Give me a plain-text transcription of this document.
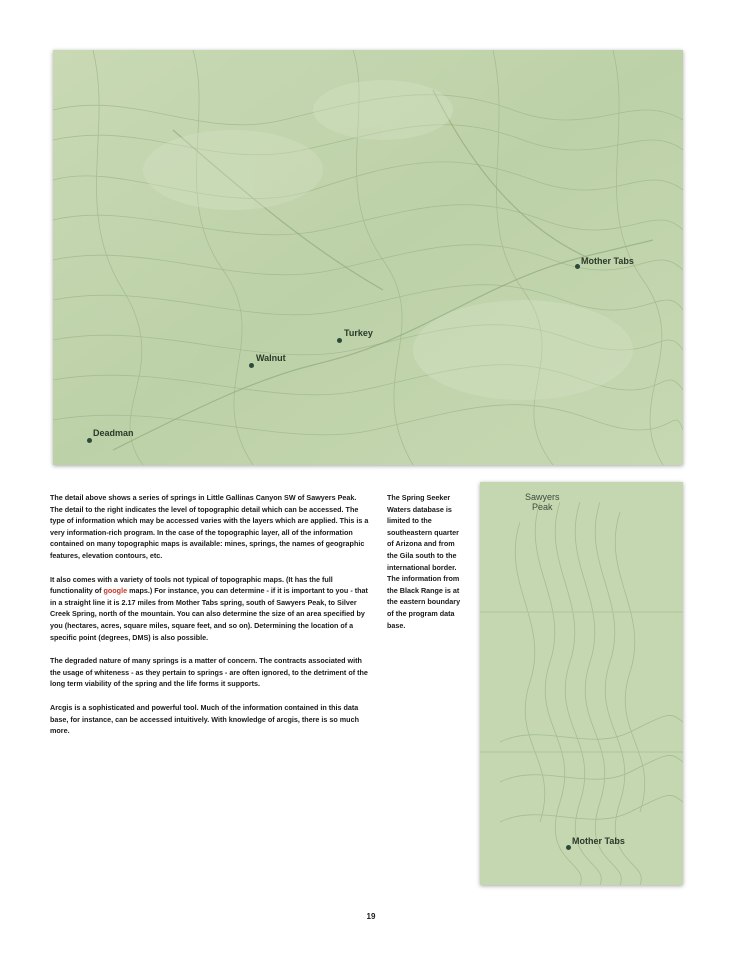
Mother Tabs
Turkey
Walnut
Deadman
Sawyers
Peak
Mother Tabs

The detail above shows a series of springs in Little Gallinas Canyon SW of Sawyers Peak. The detail to the right indicates the level of topographic detail which can be accessed. The type of information which may be accessed varies with the layers which are applied. This is a very information-rich program. In the case of the topographic layer, all of the information contained on many topographic maps is available: mines, springs, the names of geographic features, elevation contours, etc.

It also comes with a variety of tools not typical of topographic maps. (It has the full functionality of google maps.) For instance, you can determine - if it is important to you - that in a straight line it is 2.17 miles from Mother Tabs spring, south of Sawyers Peak, to Silver Creek Spring, north of the mountain. You can also determine the size of an area specified by you (hectares, acres, square miles, square feet, and so on). Determining the location of a specific point (degrees, DMS) is also possible.

The degraded nature of many springs is a matter of concern. The contracts associated with the usage of whiteness - as they pertain to springs - are often ignored, to the detriment of the long term viability of the spring and the life forms it supports.

Arcgis is a sophisticated and powerful tool. Much of the information contained in this data base, for instance, can be accessed intuitively. With knowledge of arcgis, there is so much more.

The Spring Seeker Waters database is limited to the southeastern quarter of Arizona and from the Gila south to the international border. The information from the Black Range is at the eastern boundary of the program data base.
19
